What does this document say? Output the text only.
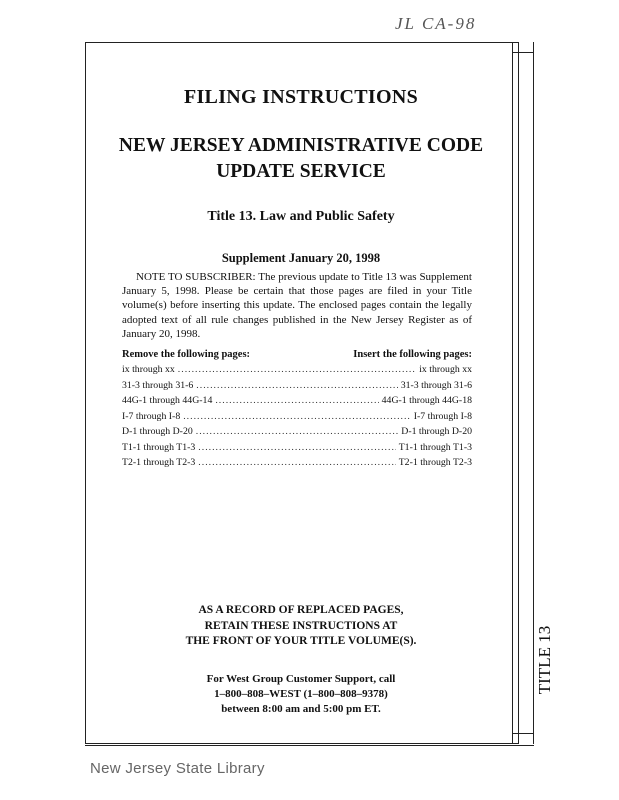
JL CA-98
TITLE 13
FILING INSTRUCTIONS
NEW JERSEY ADMINISTRATIVE CODE
UPDATE SERVICE
Title 13. Law and Public Safety
Supplement January 20, 1998
NOTE TO SUBSCRIBER: The previous update to Title 13 was Supplement January 5, 1998. Please be certain that those pages are filed in your Title volume(s) before inserting this update. The enclosed pages contain the legally adopted text of all rule changes published in the New Jersey Register as of January 20, 1998.
Remove the following pages:	Insert the following pages:
ix through xx .....	ix through xx
31-3 through 31-6 .....	31-3 through 31-6
44G-1 through 44G-14 .....	44G-1 through 44G-18
I-7 through I-8 .....	I-7 through I-8
D-1 through D-20 .....	D-1 through D-20
T1-1 through T1-3 .....	T1-1 through T1-3
T2-1 through T2-3 .....	T2-1 through T2-3
AS A RECORD OF REPLACED PAGES,
RETAIN THESE INSTRUCTIONS AT
THE FRONT OF YOUR TITLE VOLUME(S).
For West Group Customer Support, call
1–800–808–WEST (1–800–808–9378)
between 8:00 am and 5:00 pm ET.
New Jersey State Library
